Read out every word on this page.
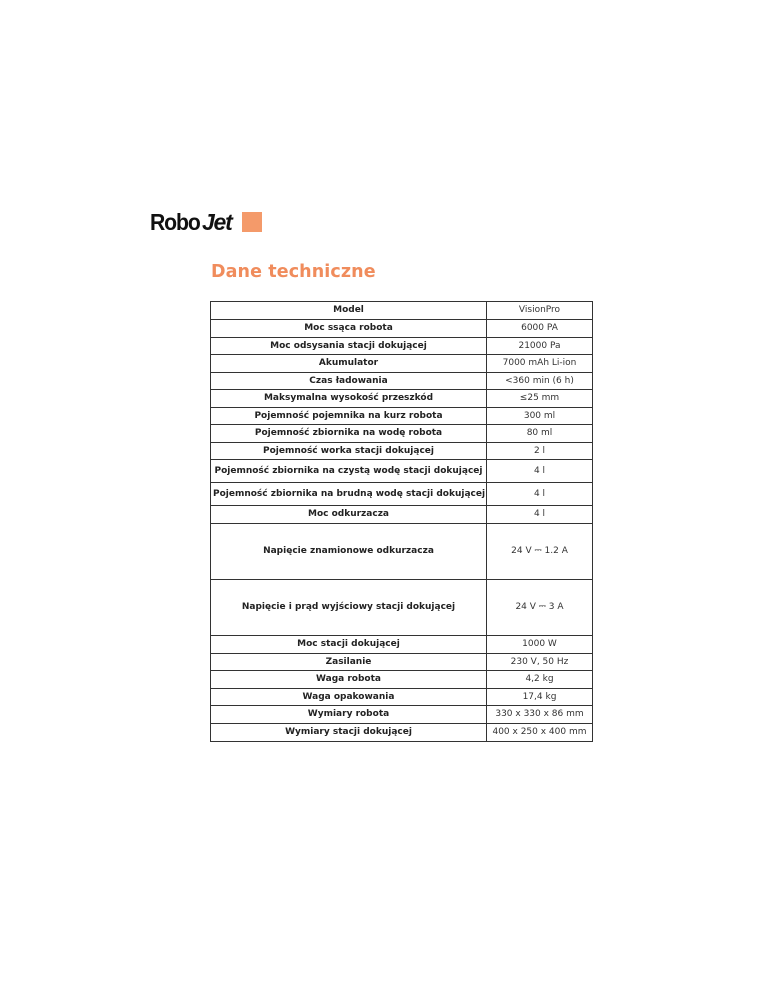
Robo Jet
Dane techniczne
Model	VisionPro
Moc ssąca robota	6000 PA
Moc odsysania stacji dokującej	21000 Pa
Akumulator	7000 mAh Li-ion
Czas ładowania	<360 min (6 h)
Maksymalna wysokość przeszkód	≤25 mm
Pojemność pojemnika na kurz robota	300 ml
Pojemność zbiornika na wodę robota	80 ml
Pojemność worka stacji dokującej	2 l
Pojemność zbiornika na czystą wodę stacji dokującej	4 l
Pojemność zbiornika na brudną wodę stacji dokującej	4 l
Moc odkurzacza	4 l
Napięcie znamionowe odkurzacza	24 V ⎓ 1.2 A
Napięcie i prąd wyjściowy stacji dokującej	24 V ⎓ 3 A
Moc stacji dokującej	1000 W
Zasilanie	230 V, 50 Hz
Waga robota	4,2 kg
Waga opakowania	17,4 kg
Wymiary robota	330 x 330 x 86 mm
Wymiary stacji dokującej	400 x 250 x 400 mm
